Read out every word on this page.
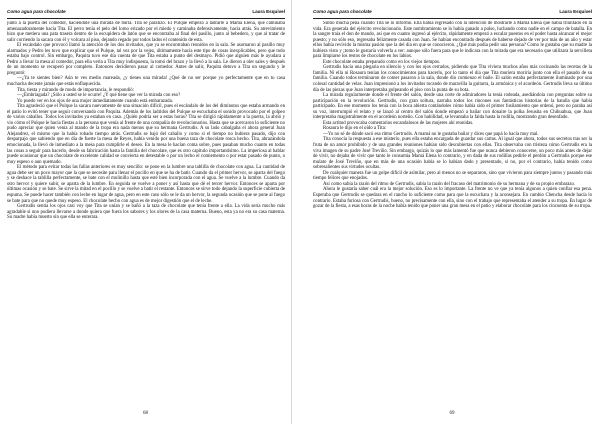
Como agua para chocolate	Laura Esquivel

junto a la puerta del comedor, haciéndole una mirada de burla. Tita se paralizó. El Pulque empezó a ladrarle a Mamá Elena, que caminaba amenazadoramente hacia Tita. El perro tenía el pelo del lomo erizado por el miedo y caminaba defensivamente, hacia atrás. Su atrevimiento hizo que metiera una pata trasera dentro de la escupidera de latón que se encontraba al final del pasillo, junto al bebedero, y que al tratar de salir corriendo la sacara con él y volcara al piso, dejando regado por todos lados el contenido de esta.

El escándalo que provocó llamó la atención de los dos invitados, que ya se encontraban reunidos en la sala. Se asomaron al pasillo muy alarmados y Pedro les tuvo que explicar que el Pulque, tal vez por la vejez, últimamente hacía este tipo de cosas inexplicables, pero que todo estaba bajo control. Sin embargo, Paquita tuvo ese día cuenta de que Tita estaba a punto del desmayo. Pidió que alguien más le ayudara a Pedro a llevar la mesa al comedor, para ella verla a Tita muy indispuesta, la tomó del brazo y la llevó a la sala. Le dieron a oler sales y después de un momento se recuperó por completo. Entonces decidieron pasar al comedor. Antes de salir, Paquita detuvo a Tita un segundo y le preguntó:

—¿Ya te sientes bien? Aún te ves medio mareada, ¿y tienes una mirada! ¿Qué de no ser porque yo perfectamente que en tu casa muchacha decente jamás que estás enflaquecida.

Tita, tiesta y mirando de modo de importancia, le respondió:

—¿Embriagada? ¿Sólo a usted se le ocurre! ¿Y qué tiene que ver la mirada con eso?

Yo puedo ver en los ojos de una mujer inmediatamente cuando está embarazada.

Tita agradeció que el Pulque la sacara nuevamente de una situación difícil, pues el escándalo de los del diminutos que estaba armando en el patio lo evitó tener que seguir conversando con Paquita. Además de los ladridos del Pulque se escuchaba el sonido provocado por el golpeo de varios caballos. Todos los invitados ya estaban en casa. ¿Quién podría ser a estas horas? Tita se dirigió rápidamente a la puerta, la abrió y vio cómo el Pulque le hacía fiestas a la persona que venía al frente de una compañía de revolucionarios. Hasta que se acercaron lo suficiente no pudo apreciar que quien venía al mando de la tropa era nada menos que su hermana Gertrudis. A su lado cabalgaba el ahora general Juan Alejandrez, el mismo que la había robado tiempo atrás. Gertrudis se bajó del caballo y como si el tiempo no hubiera pasado, dijo con desparpajo que sabiendo que en día de fuerte la mesa de Reyes, había venido por una buena taza de chocolate rosca hecho. Tita, abrazándola emocionada, la llevó de inmediato a la mesa para cumplirle el deseo. En la mesa le hacían coma sobre, pues pasaban mucho cuanto en todas las cosas a seguir para hacerlo, desde su fabricación hasta la familia del chocolate, que es otro capítulo importantísimo. La imperiosa al hablar puede ocasionar que un chocolate de excelente calidad se convierta en detestable o por un lecho el comiemento o por estar pasado de punto, o muy espeso o aun quemado.

El método para evitar todas las fallas anteriores es muy sencillo: se pone en la lumbre una tablilla de chocolate con agua. La cantidad de agua debe ser un poco mayor que la que se necesite para llenar el pocillo en que se ha de batir. Cuando da el primer hervor, se aparta del fuego y se deshace la tablilla perfectamente, se bate con el molinillo hasta que esté bien incorporada con el agua. Se vuelve a la lumbre. Cuando da otro hervor y quiere subir, se aparta de la lumbre. En seguida se vuelve a poner y así hasta que dé el tercer hervor. Entonces se aparta por últimas ocasión y se bate. Se sirve la mitad en el pocillo y se vuelve a batir el restante. Entonces se sirve todo dejando la superficie cubierta de espuma. Se puede hacer también con leche en lugar de agua, pero en este caso sólo se le da un hervor, la segunda ocasión que se pone al fuego se bate para que no quede muy espeso. El chocolate hecho con agua es de mejor digestión que el de leche.

Gertrudis sentía los ojos casi voy que Tita se unían y se bañó a la taza de chocolate que tenía frente a ella. La vida sería mucho más agradable si uno pudiera llevarse a donde quiera que fuera los sabores y los olores de la casa materna. Bueno, esta ya no era su casa materna. Su madre había muerto sin que ella se enterara.

68
Como agua para chocolate	Laura Esquivel

Sintió mucha pena cuando Tita se lo informó. Ella había regresado con la intención de mostrarle a Mamá Elena que había triunfado en la vida. Era generala del ejército revolucionario. Este nombramiento se lo había ganado a pulso, luchando como nadie en el campo de batalla. En la sangre traía el don de mando, así que en cuanto ingresó al ejército, rápidamente empezó a escalar puestos en el poder hasta alcanzar el mejor puesto; y no sólo eso, regresaba felizmente casada con Juan. Se habían encontrado después de haberse dejado de ver por más de un año y estar ellos había revivido la misma pasión que la del día en que se conocieron. ¿Qué más podía pedir una persona? Como le gustaba que su madre la hubiera visto y ¡tomo le gustaría volverla a ver: aunque sólo fuera para que le indicara con la mirada que era necesario que utilizara la servilleta para limpiarse los restos de chocolate en los labios.

Este chocolate estaba preparado como en los viejos tiempos.

Gertrudis hacia una plegaria en silencio y con los ojos cerrados, pidiendo que Tita viviera muchos años más cocinando las recetas de la familia. Ni ella ni Rosaura tenían los conocimientos para hacerlo, por lo tanto el día que Tita muriera moriría junto con ella el pasado de su familia. Cuando todos terminaron de comer pasaron a la sala, donde dio comienzo el baile. El salón estaba perfectamente iluminado por una colosal cantidad de velas. Juan impresionó a los invitados tocando de maravilla la guitarra, la armónica y el acordeón. Gertrudis lleva su último día de las piezas que Juan interpretaba golpeando el piso con la punta de su bota.

La mirada regularmente donde el frente del salón, desde una corte de admiradores la tenía rodeada, asediándola con preguntas sobre su participación en la revolución. Gertrudis, con gran soltura, narraba todos los rincones sus fantásticas historias de la batalla que había participado. En ese momento los tenía con la boca abierta contándoles cómo había sido el primer fusilamiento que ordenó, pero no paraba así su voz, interrumpió el relato y se lanzó al centro del salón donde empezó a bailar con donaire la polka Jesusita en Chihuahua, que Juan interpretaba magistralmente en el acordeón norteño. Con habilidad, se levantaba la falda hasta la rodilla, mostrando gran desenfado.

Esta actitud provocaba comentarios escandalosos de las mujeres ahí reunidas.

Rosaura le dijo en el oído a Tita:

—Yo no sé de dónde sacó esa ritmo Gertrudis. A mamá no le gustaba bailar y dices que papá lo hacía muy mal.

Tita conocía la respuesta a ese misterio, pues ella estaba encargada de guardar sus cartas. Al igual que ahora, todos sus secretos tras ser la fruta de un amor prohibido y de una grandes reuniones habían sido descubiertas con ellas. Tita observaba con tristeza cómo Gertrudis era la viva imagen de su padre José Treviño. Sin embargo, quizás lo que más lamentó fue que nunca debieron conocerse, un poco más antes de dejar de vivir, no dejaba de vivir que tanto le consumía Mamá Elena lo contrario, y en dada de sus rodillas pedirle el perdón a Gertrudis porque ese mulato de José Treviño, que en más de una ocasión había se lo habían dado y presentado, si no, por el contrario, había tenido como sobresalientes sus virtudes ocultas.

De cualquier manera fue un golpe difícil de asimilar, pero al menos no se separaron, sino que vivieron para siempre juntos y pasando más tiempo felices que enojados.

Así como sabía la razón del ritmo de Gertrudis, sabía la razón del fracaso del matrimonio de su hermana y de su propio embarazo.

Ahora le gustaría saber cuál era la mejor solución. Eso es lo importante. La frente no ve que ya tenía algunos a quien confiar esa pena. Esperaba que Gertrudis se quedara en el rancho lo suficiente como para que la escuchara y la aconsejara. En cambio Chencha desde hacía lo contrario. Estaba furiosa con Gertrudis, bueno, no precisamente con ella, sino con el trabajo que representaba el atender a su tropa. En lugar de gozar de la fiesta, a esas horas de la noche había tenido que poner una gran mesa en el patio y elaborar chocolate para los cincuenta de su tropa.

69
